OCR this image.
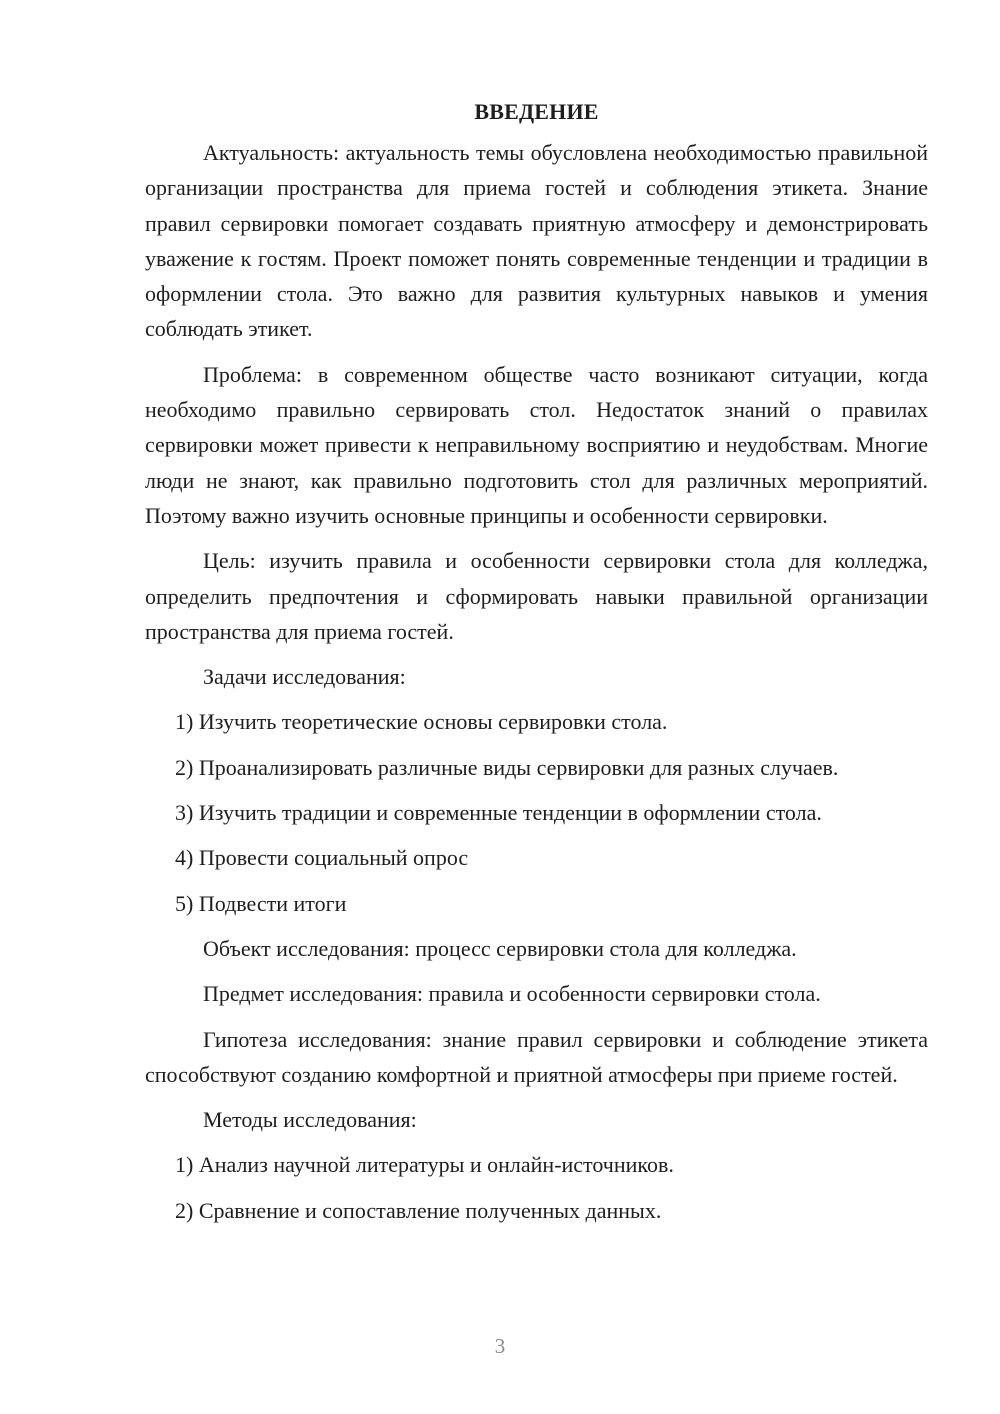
ВВЕДЕНИЕ

Актуальность: актуальность темы обусловлена необходимостью правильной организации пространства для приема гостей и соблюдения этикета. Знание правил сервировки помогает создавать приятную атмосферу и демонстрировать уважение к гостям. Проект поможет понять современные тенденции и традиции в оформлении стола. Это важно для развития культурных навыков и умения соблюдать этикет.

Проблема: в современном обществе часто возникают ситуации, когда необходимо правильно сервировать стол. Недостаток знаний о правилах сервировки может привести к неправильному восприятию и неудобствам. Многие люди не знают, как правильно подготовить стол для различных мероприятий. Поэтому важно изучить основные принципы и особенности сервировки.

Цель: изучить правила и особенности сервировки стола для колледжа, определить предпочтения и сформировать навыки правильной организации пространства для приема гостей.

Задачи исследования:

1) Изучить теоретические основы сервировки стола.

2) Проанализировать различные виды сервировки для разных случаев.

3) Изучить традиции и современные тенденции в оформлении стола.

4) Провести социальный опрос

5) Подвести итоги

Объект исследования: процесс сервировки стола для колледжа.

Предмет исследования: правила и особенности сервировки стола.

Гипотеза исследования: знание правил сервировки и соблюдение этикета способствуют созданию комфортной и приятной атмосферы при приеме гостей.

Методы исследования:

1) Анализ научной литературы и онлайн-источников.

2) Сравнение и сопоставление полученных данных.

3
